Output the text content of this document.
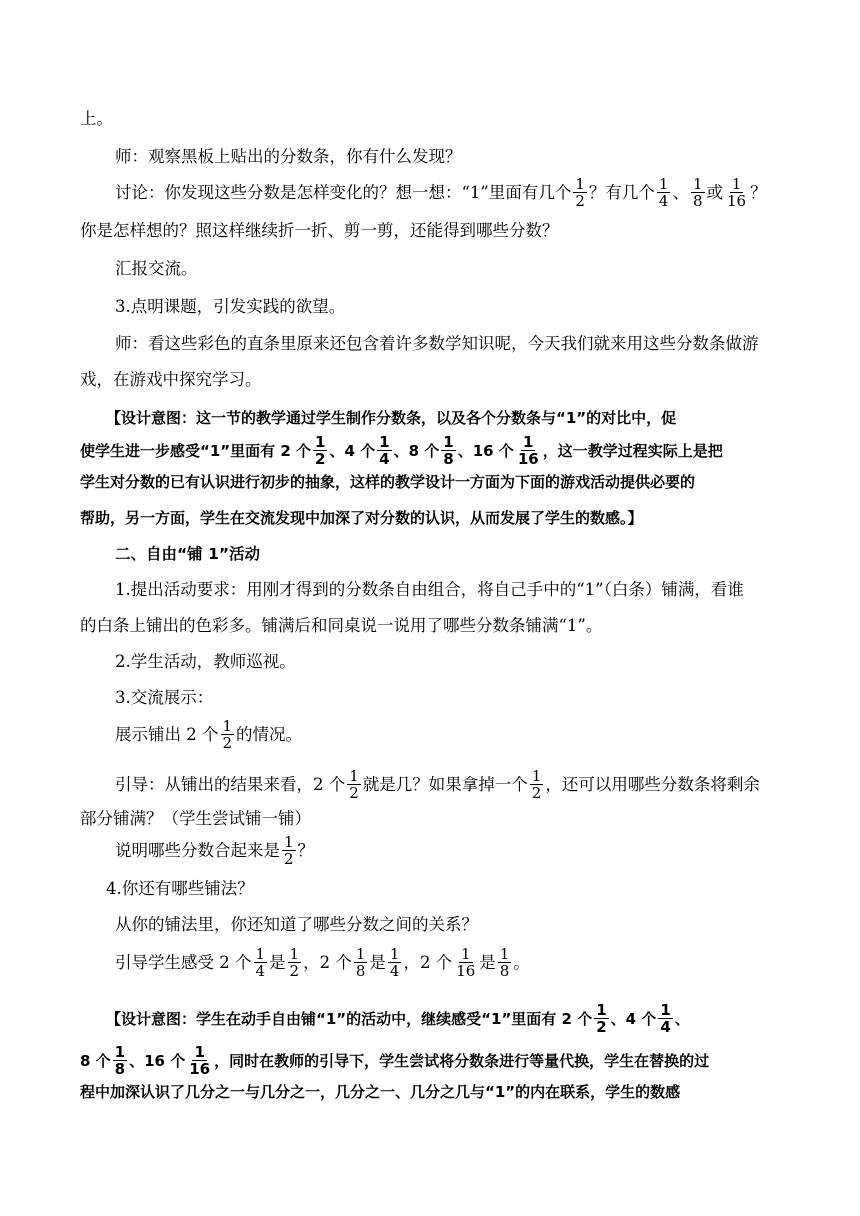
上。
师：观察黑板上贴出的分数条，你有什么发现？
讨论：你发现这些分数是怎样变化的？想一想：“1”里面有几个 $\frac{1}{2}$ ？有几个 $\frac{1}{4}$ 、 $\frac{1}{8}$ 或 $\frac{1}{16}$ ？
你是怎样想的？照这样继续折一折、剪一剪，还能得到哪些分数？
汇报交流。
3.点明课题，引发实践的欲望。
师：看这些彩色的直条里原来还包含着许多数学知识呢，今天我们就来用这些分数条做游
戏，在游戏中探究学习。
【设计意图：这一节的教学通过学生制作分数条，以及各个分数条与“1”的对比中，促
使学生进一步感受“1”里面有 2 个 $\frac{1}{2}$ 、4 个 $\frac{1}{4}$ 、8 个 $\frac{1}{8}$ 、16 个 $\frac{1}{16}$ ，这一教学过程实际上是把
学生对分数的已有认识进行初步的抽象，这样的教学设计一方面为下面的游戏活动提供必要的
帮助，另一方面，学生在交流发现中加深了对分数的认识，从而发展了学生的数感。】
二、自由“铺 1”活动
1.提出活动要求：用刚才得到的分数条自由组合，将自己手中的“1”（白条）铺满，看谁
的白条上铺出的色彩多。铺满后和同桌说一说用了哪些分数条铺满“1”。
2.学生活动，教师巡视。
3.交流展示：
展示铺出 2 个 $\frac{1}{2}$ 的情况。
引导：从铺出的结果来看，2 个 $\frac{1}{2}$ 就是几？如果拿掉一个 $\frac{1}{2}$ ，还可以用哪些分数条将剩余
部分铺满？（学生尝试铺一铺）
说明哪些分数合起来是 $\frac{1}{2}$ ？
4.你还有哪些铺法？
从你的铺法里，你还知道了哪些分数之间的关系？
引导学生感受 2 个 $\frac{1}{4}$ 是 $\frac{1}{2}$ ，2 个 $\frac{1}{8}$ 是 $\frac{1}{4}$ ，2 个 $\frac{1}{16}$ 是 $\frac{1}{8}$ 。
【设计意图：学生在动手自由铺“1”的活动中，继续感受“1”里面有 2 个 $\frac{1}{2}$ 、4 个 $\frac{1}{4}$ 、
8 个 $\frac{1}{8}$ 、16 个 $\frac{1}{16}$ ，同时在教师的引导下，学生尝试将分数条进行等量代换，学生在替换的过
程中加深认识了几分之一与几分之一，几分之一、几分之几与“1”的内在联系，学生的数感
